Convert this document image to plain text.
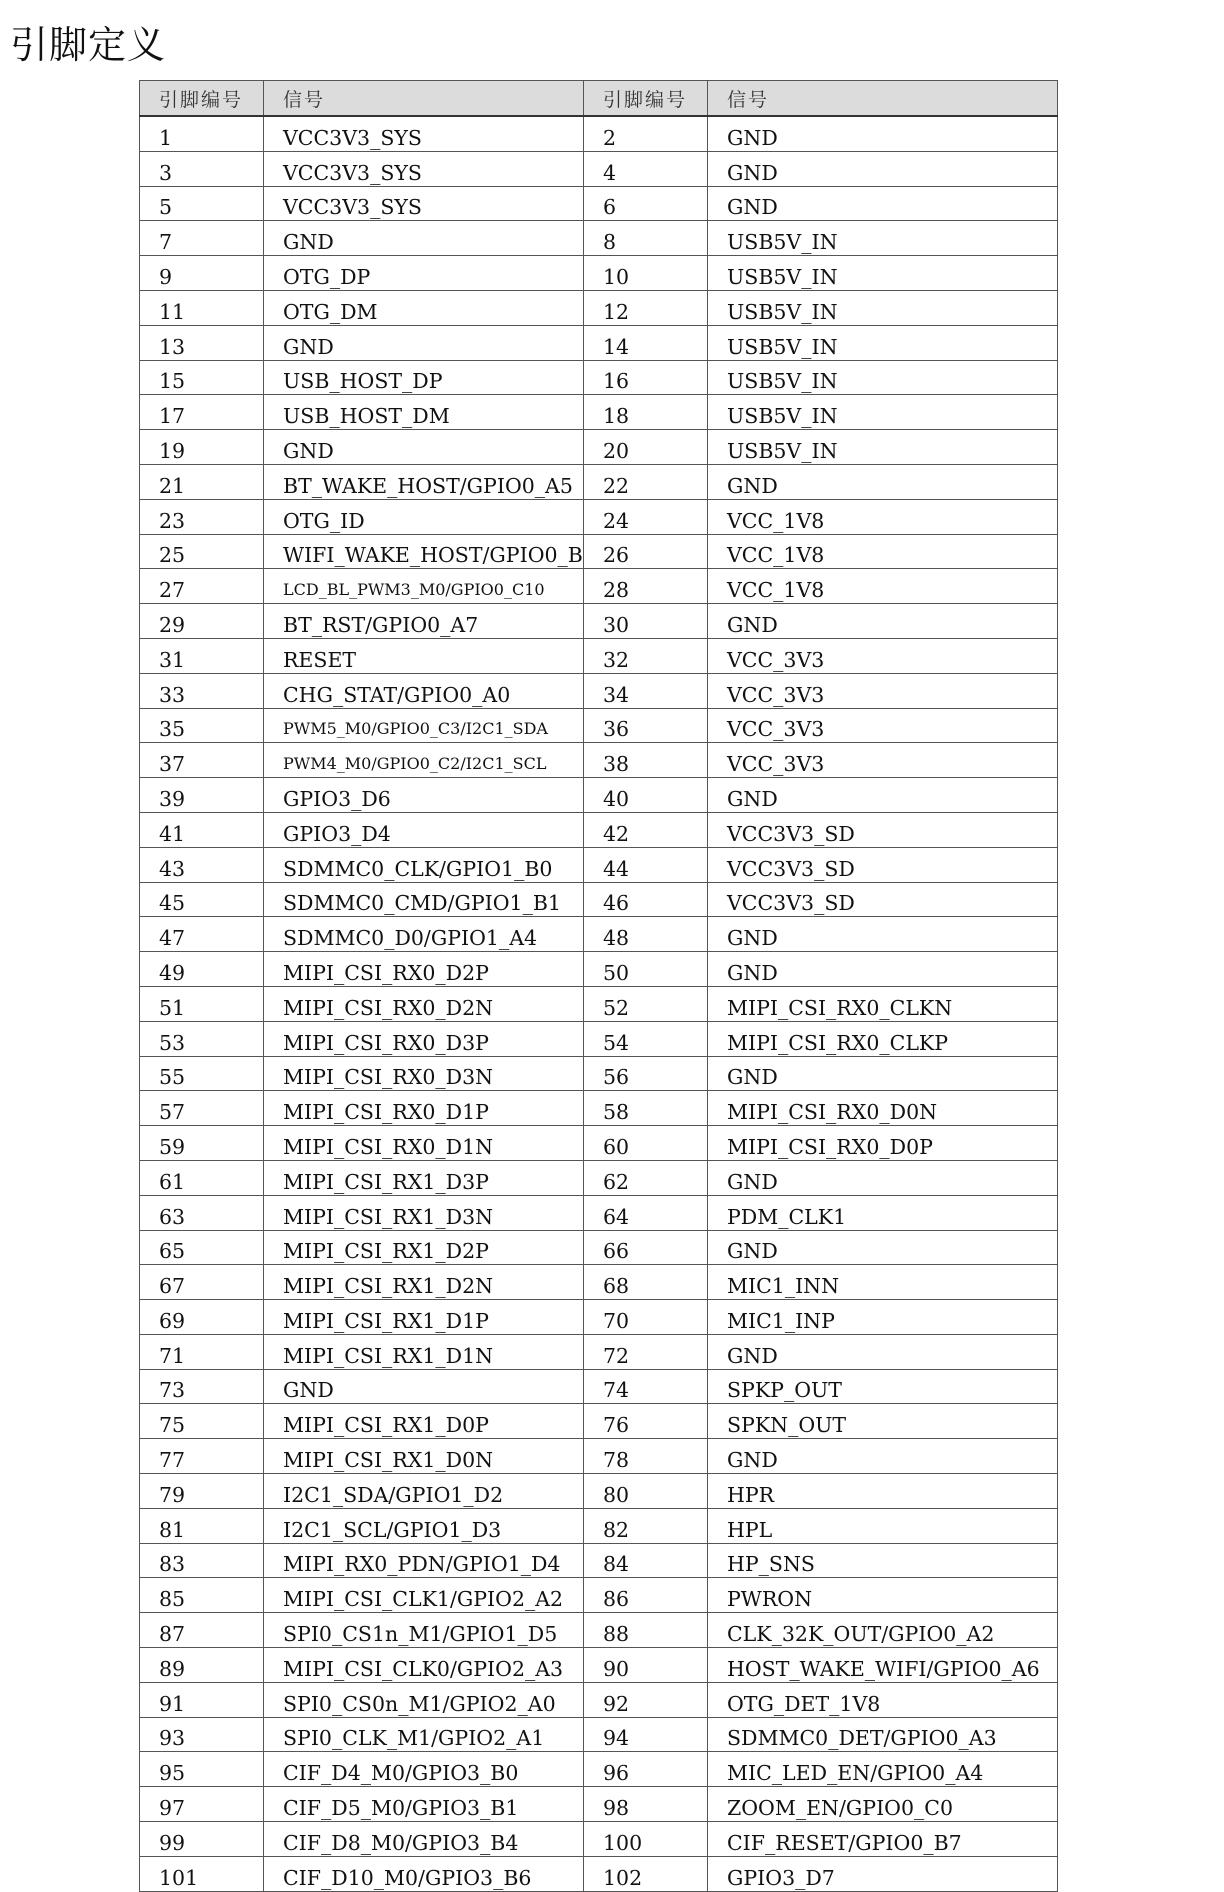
引脚定义
引脚编号	信号	引脚编号	信号
1	VCC3V3_SYS	2	GND
3	VCC3V3_SYS	4	GND
5	VCC3V3_SYS	6	GND
7	GND	8	USB5V_IN
9	OTG_DP	10	USB5V_IN
11	OTG_DM	12	USB5V_IN
13	GND	14	USB5V_IN
15	USB_HOST_DP	16	USB5V_IN
17	USB_HOST_DM	18	USB5V_IN
19	GND	20	USB5V_IN
21	BT_WAKE_HOST/GPIO0_A5	22	GND
23	OTG_ID	24	VCC_1V8
25	WIFI_WAKE_HOST/GPIO0_B	26	VCC_1V8
27	LCD_BL_PWM3_M0/GPIO0_C10	28	VCC_1V8
29	BT_RST/GPIO0_A7	30	GND
31	RESET	32	VCC_3V3
33	CHG_STAT/GPIO0_A0	34	VCC_3V3
35	PWM5_M0/GPIO0_C3/I2C1_SDA	36	VCC_3V3
37	PWM4_M0/GPIO0_C2/I2C1_SCL	38	VCC_3V3
39	GPIO3_D6	40	GND
41	GPIO3_D4	42	VCC3V3_SD
43	SDMMC0_CLK/GPIO1_B0	44	VCC3V3_SD
45	SDMMC0_CMD/GPIO1_B1	46	VCC3V3_SD
47	SDMMC0_D0/GPIO1_A4	48	GND
49	MIPI_CSI_RX0_D2P	50	GND
51	MIPI_CSI_RX0_D2N	52	MIPI_CSI_RX0_CLKN
53	MIPI_CSI_RX0_D3P	54	MIPI_CSI_RX0_CLKP
55	MIPI_CSI_RX0_D3N	56	GND
57	MIPI_CSI_RX0_D1P	58	MIPI_CSI_RX0_D0N
59	MIPI_CSI_RX0_D1N	60	MIPI_CSI_RX0_D0P
61	MIPI_CSI_RX1_D3P	62	GND
63	MIPI_CSI_RX1_D3N	64	PDM_CLK1
65	MIPI_CSI_RX1_D2P	66	GND
67	MIPI_CSI_RX1_D2N	68	MIC1_INN
69	MIPI_CSI_RX1_D1P	70	MIC1_INP
71	MIPI_CSI_RX1_D1N	72	GND
73	GND	74	SPKP_OUT
75	MIPI_CSI_RX1_D0P	76	SPKN_OUT
77	MIPI_CSI_RX1_D0N	78	GND
79	I2C1_SDA/GPIO1_D2	80	HPR
81	I2C1_SCL/GPIO1_D3	82	HPL
83	MIPI_RX0_PDN/GPIO1_D4	84	HP_SNS
85	MIPI_CSI_CLK1/GPIO2_A2	86	PWRON
87	SPI0_CS1n_M1/GPIO1_D5	88	CLK_32K_OUT/GPIO0_A2
89	MIPI_CSI_CLK0/GPIO2_A3	90	HOST_WAKE_WIFI/GPIO0_A6
91	SPI0_CS0n_M1/GPIO2_A0	92	OTG_DET_1V8
93	SPI0_CLK_M1/GPIO2_A1	94	SDMMC0_DET/GPIO0_A3
95	CIF_D4_M0/GPIO3_B0	96	MIC_LED_EN/GPIO0_A4
97	CIF_D5_M0/GPIO3_B1	98	ZOOM_EN/GPIO0_C0
99	CIF_D8_M0/GPIO3_B4	100	CIF_RESET/GPIO0_B7
101	CIF_D10_M0/GPIO3_B6	102	GPIO3_D7
